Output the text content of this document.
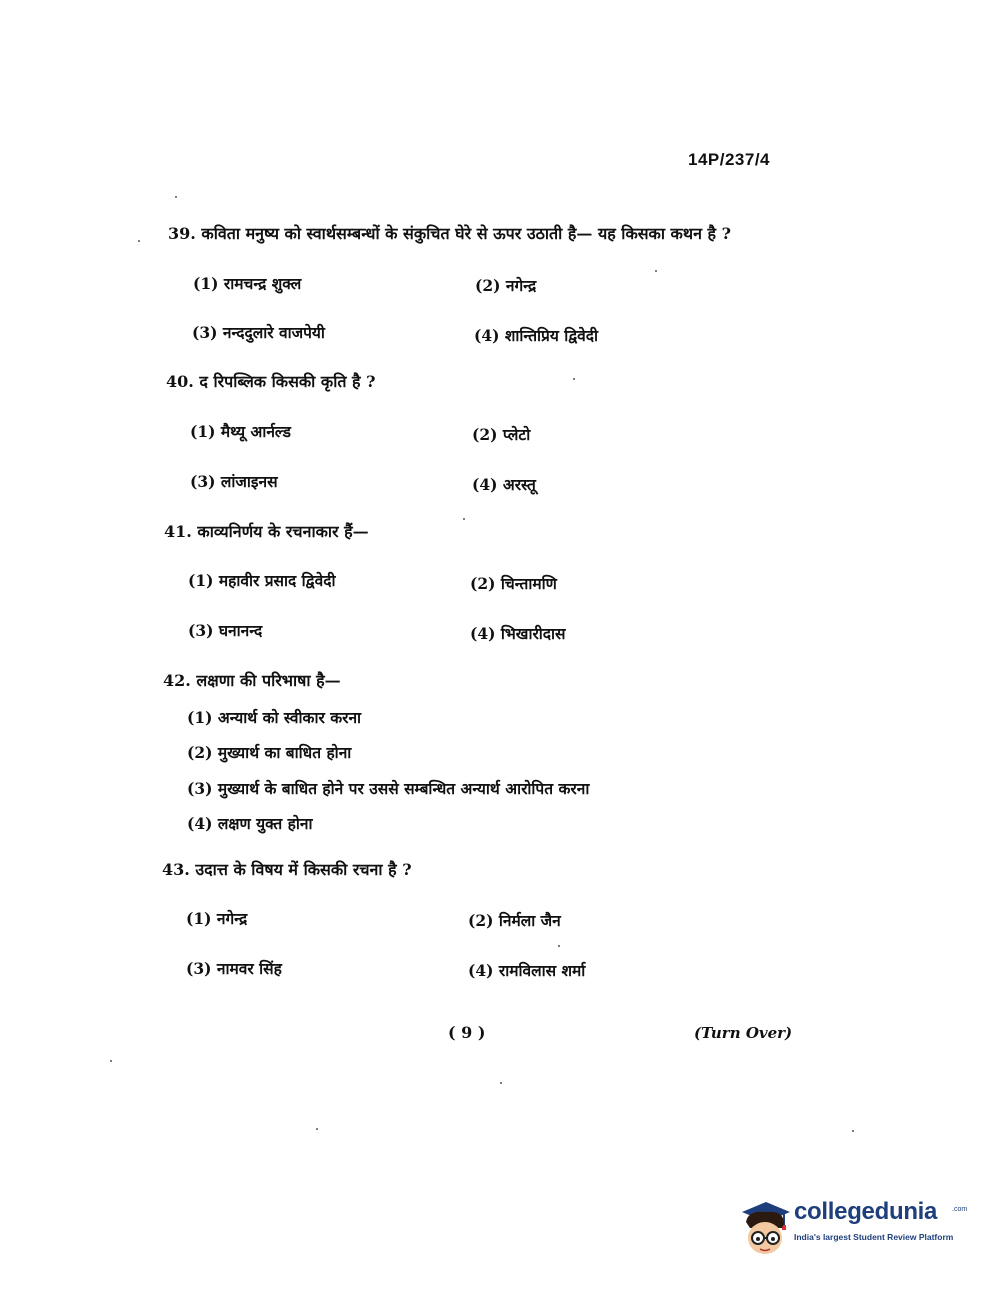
14P/237/4
39. कविता मनुष्य को स्वार्थसम्बन्धों के संकुचित घेरे से ऊपर उठाती है— यह किसका कथन है ?
(1) रामचन्द्र शुक्ल	(2) नगेन्द्र
(3) नन्ददुलारे वाजपेयी	(4) शान्तिप्रिय द्विवेदी
40. द रिपब्लिक किसकी कृति है ?
(1) मैथ्यू आर्नल्ड	(2) प्लेटो
(3) लांजाइनस	(4) अरस्तू
41. काव्यनिर्णय के रचनाकार हैं—
(1) महावीर प्रसाद द्विवेदी	(2) चिन्तामणि
(3) घनानन्द	(4) भिखारीदास
42. लक्षणा की परिभाषा है—
(1) अन्यार्थ को स्वीकार करना
(2) मुख्यार्थ का बाधित होना
(3) मुख्यार्थ के बाधित होने पर उससे सम्बन्धित अन्यार्थ आरोपित करना
(4) लक्षण युक्त होना
43. उदात्त के विषय में किसकी रचना है ?
(1) नगेन्द्र	(2) निर्मला जैन
(3) नामवर सिंह	(4) रामविलास शर्मा
( 9 )	(Turn Over)
collegedunia .com
India's largest Student Review Platform
